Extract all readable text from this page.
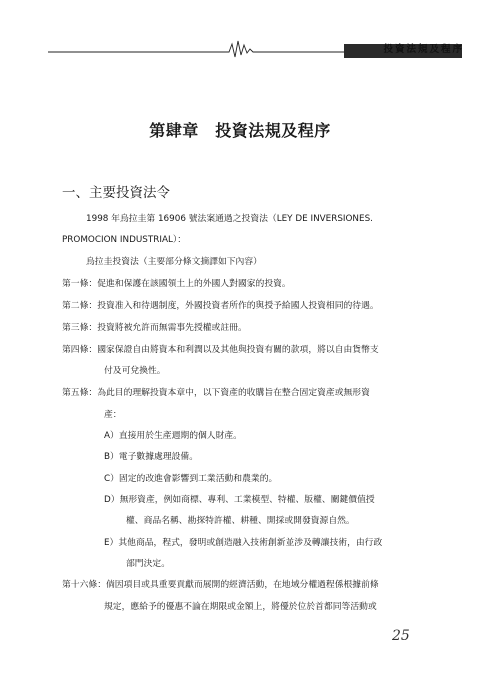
投資法規及程序
第肆章　投資法規及程序
一、主要投資法令
1998 年烏拉圭第 16906 號法案通過之投資法（LEY DE INVERSIONES.
PROMOCION INDUSTRIAL）：
烏拉圭投資法（主要部分條文摘譯如下內容）
第一條：促進和保護在該國領土上的外國人對國家的投資。
第二條：投資准入和待遇制度，外國投資者所作的與授予給國人投資相同的待遇。
第三條：投資將被允許而無需事先授權或註冊。
第四條：國家保證自由將資本和利潤以及其他與投資有關的款項，將以自由貨幣支
付及可兌換性。
第五條：為此目的理解投資本章中，以下資產的收購旨在整合固定資產或無形資
產：
A）直接用於生產週期的個人財產。
B）電子數據處理設備。
C）固定的改進會影響到工業活動和農業的。
D）無形資產，例如商標、專利、工業模型、特權、版權、關鍵價值授
權、商品名稱、勘探特許權、耕種、開採或開發資源自然。
E）其他商品，程式，發明或創造融入技術創新並涉及轉讓技術，由行政
部門決定。
第十六條：倘因項目或具重要貢獻而展開的經濟活動，在地域分權過程係根據前條
規定，應給予的優惠不論在期限或金額上，將優於位於首都同等活動或
25
